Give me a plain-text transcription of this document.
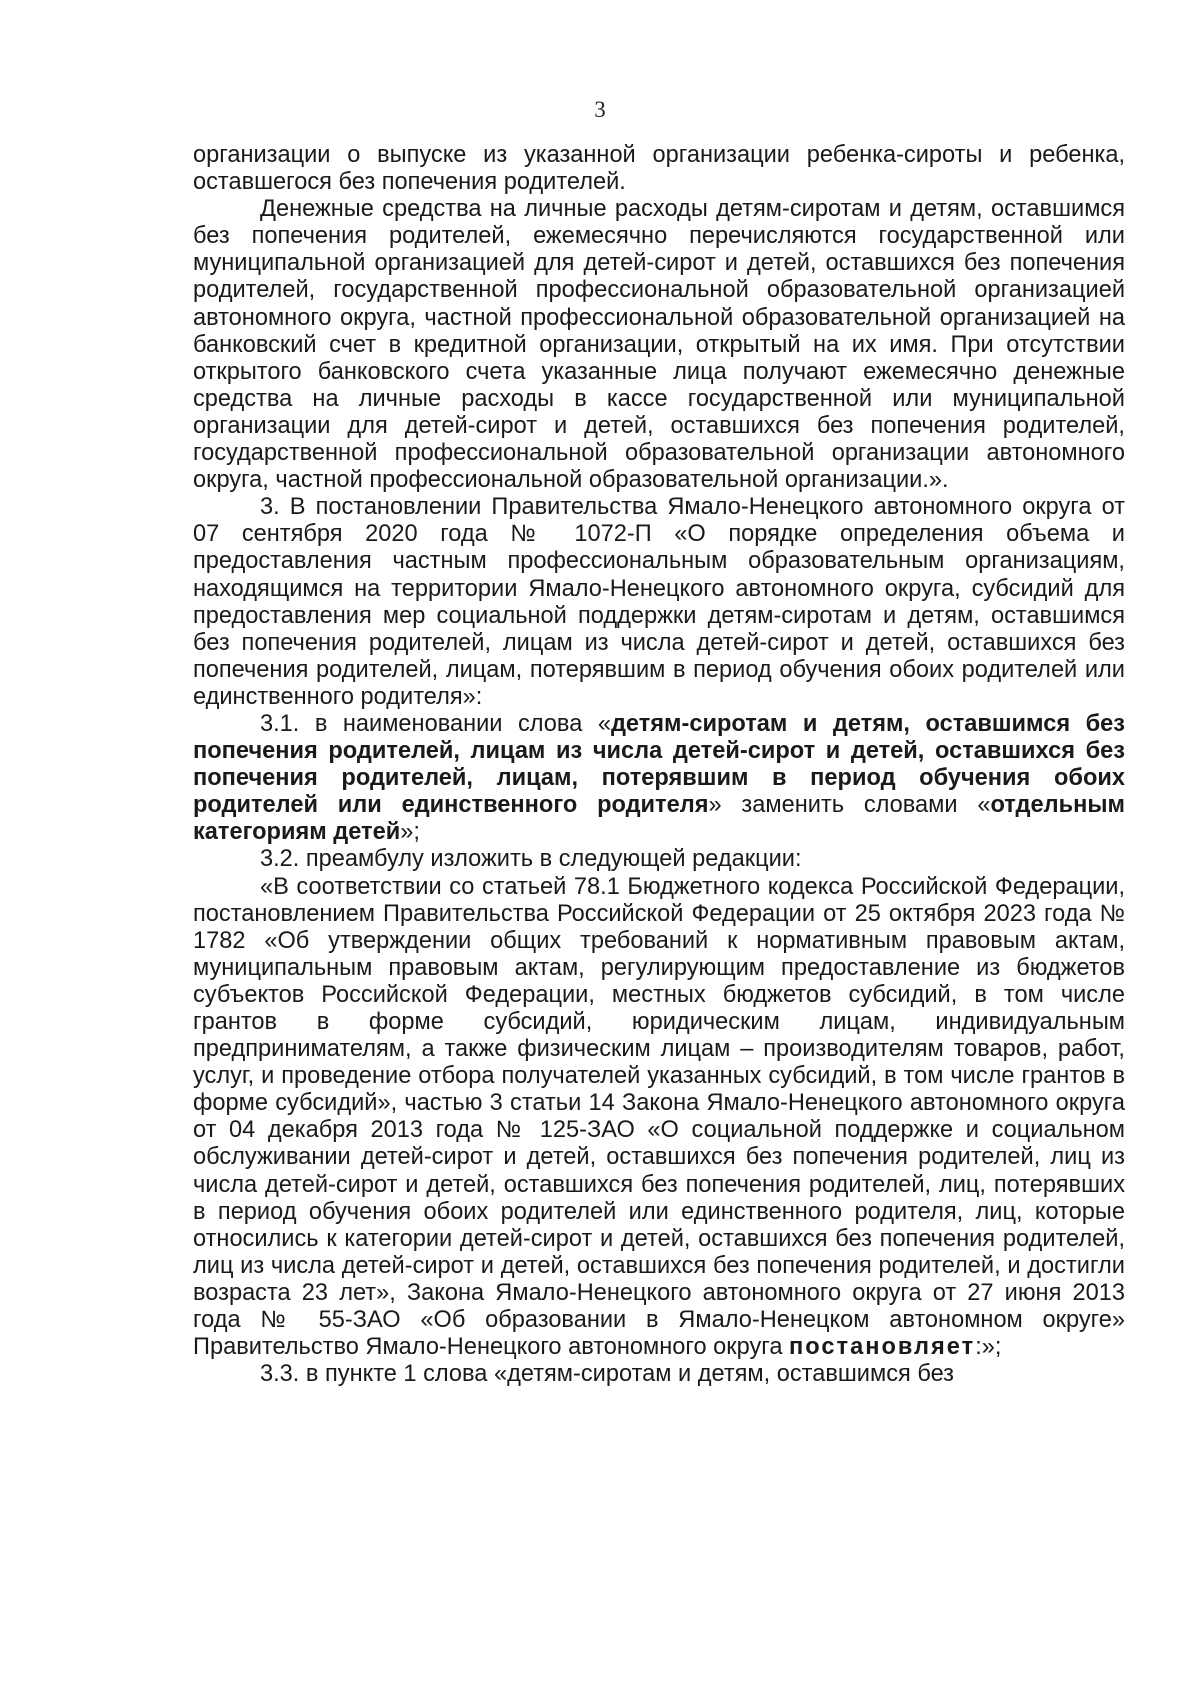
3

организации о выпуске из указанной организации ребенка-сироты и ребенка, оставшегося без попечения родителей.

Денежные средства на личные расходы детям-сиротам и детям, оставшимся без попечения родителей, ежемесячно перечисляются государственной или муниципальной организацией для детей-сирот и детей, оставшихся без попечения родителей, государственной профессиональной образовательной организацией автономного округа, частной профессиональной образовательной организацией на банковский счет в кредитной организации, открытый на их имя. При отсутствии открытого банковского счета указанные лица получают ежемесячно денежные средства на личные расходы в кассе государственной или муниципальной организации для детей-сирот и детей, оставшихся без попечения родителей, государственной профессиональной образовательной организации автономного округа, частной профессиональной образовательной организации.».

3. В постановлении Правительства Ямало-Ненецкого автономного округа от 07 сентября 2020 года № 1072-П «О порядке определения объема и предоставления частным профессиональным образовательным организациям, находящимся на территории Ямало-Ненецкого автономного округа, субсидий для предоставления мер социальной поддержки детям-сиротам и детям, оставшимся без попечения родителей, лицам из числа детей-сирот и детей, оставшихся без попечения родителей, лицам, потерявшим в период обучения обоих родителей или единственного родителя»:

3.1. в наименовании слова «детям-сиротам и детям, оставшимся без попечения родителей, лицам из числа детей-сирот и детей, оставшихся без попечения родителей, лицам, потерявшим в период обучения обоих родителей или единственного родителя» заменить словами «отдельным категориям детей»;

3.2. преамбулу изложить в следующей редакции:

«В соответствии со статьей 78.1 Бюджетного кодекса Российской Федерации, постановлением Правительства Российской Федерации от 25 октября 2023 года № 1782 «Об утверждении общих требований к нормативным правовым актам, муниципальным правовым актам, регулирующим предоставление из бюджетов субъектов Российской Федерации, местных бюджетов субсидий, в том числе грантов в форме субсидий, юридическим лицам, индивидуальным предпринимателям, а также физическим лицам – производителям товаров, работ, услуг, и проведение отбора получателей указанных субсидий, в том числе грантов в форме субсидий», частью 3 статьи 14 Закона Ямало-Ненецкого автономного округа от 04 декабря 2013 года № 125-ЗАО «О социальной поддержке и социальном обслуживании детей-сирот и детей, оставшихся без попечения родителей, лиц из числа детей-сирот и детей, оставшихся без попечения родителей, лиц, потерявших в период обучения обоих родителей или единственного родителя, лиц, которые относились к категории детей-сирот и детей, оставшихся без попечения родителей, лиц из числа детей-сирот и детей, оставшихся без попечения родителей, и достигли возраста 23 лет», Закона Ямало-Ненецкого автономного округа от 27 июня 2013 года № 55-ЗАО «Об образовании в Ямало-Ненецком автономном округе» Правительство Ямало-Ненецкого автономного округа постановляет:»;

3.3. в пункте 1 слова «детям-сиротам и детям, оставшимся без
